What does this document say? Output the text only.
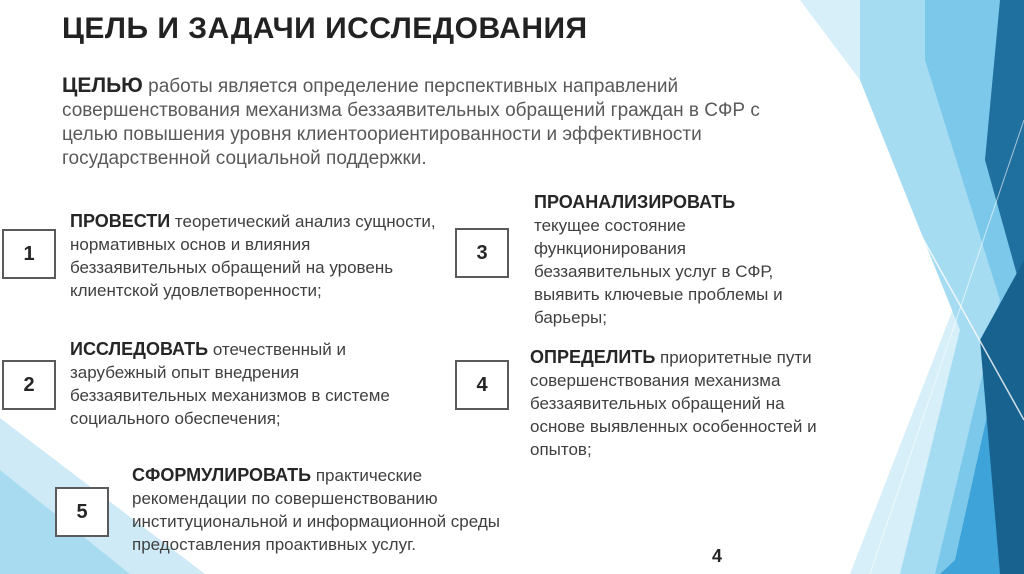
ЦЕЛЬ И ЗАДАЧИ ИССЛЕДОВАНИЯ

ЦЕЛЬЮ работы является определение перспективных направлений совершенствования механизма беззаявительных обращений граждан в СФР с целью повышения уровня клиентоориентированности и эффективности государственной социальной поддержки.

1

ПРОВЕСТИ теоретический анализ сущности, нормативных основ и влияния беззаявительных обращений на уровень клиентской удовлетворенности;

2

ИССЛЕДОВАТЬ отечественный и зарубежный опыт внедрения беззаявительных механизмов в системе социального обеспечения;

3

ПРОАНАЛИЗИРОВАТЬ
текущее состояние функционирования беззаявительных услуг в СФР, выявить ключевые проблемы и барьеры;

4

ОПРЕДЕЛИТЬ приоритетные пути совершенствования механизма беззаявительных обращений на основе выявленных особенностей и опытов;

5

СФОРМУЛИРОВАТЬ практические рекомендации по совершенствованию институциональной и информационной среды предоставления проактивных услуг.

4
